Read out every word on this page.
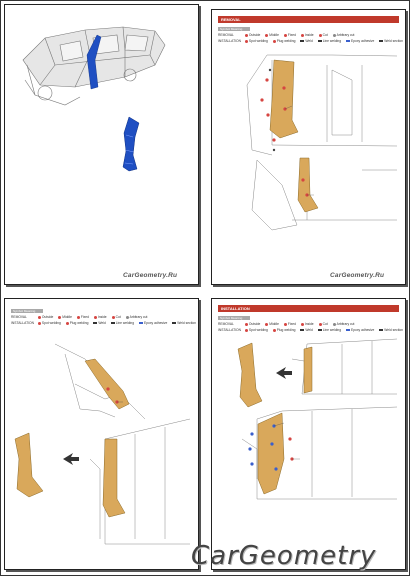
CarGeometry.Ru
REMOVAL
Symbol Meaning
REMOVAL	Outside	Middle	Fixed	Inside	Cut	Arbitrary cut
INSTALLATION Spot welding	Plug welding	Weld	Line welding	Epoxy adhesive	Weld section
CarGeometry.Ru
Symbol Meaning
REMOVAL	Outside	Middle	Fixed	Inside	Cut	Arbitrary cut
INSTALLATION Spot welding	Plug welding	Weld	Line welding	Epoxy adhesive	Weld section
INSTALLATION
Symbol Meaning
REMOVAL	Outside	Middle	Fixed	Inside	Cut	Arbitrary cut
INSTALLATION Spot welding	Plug welding	Weld	Line welding	Epoxy adhesive	Weld section
CarGeometry
